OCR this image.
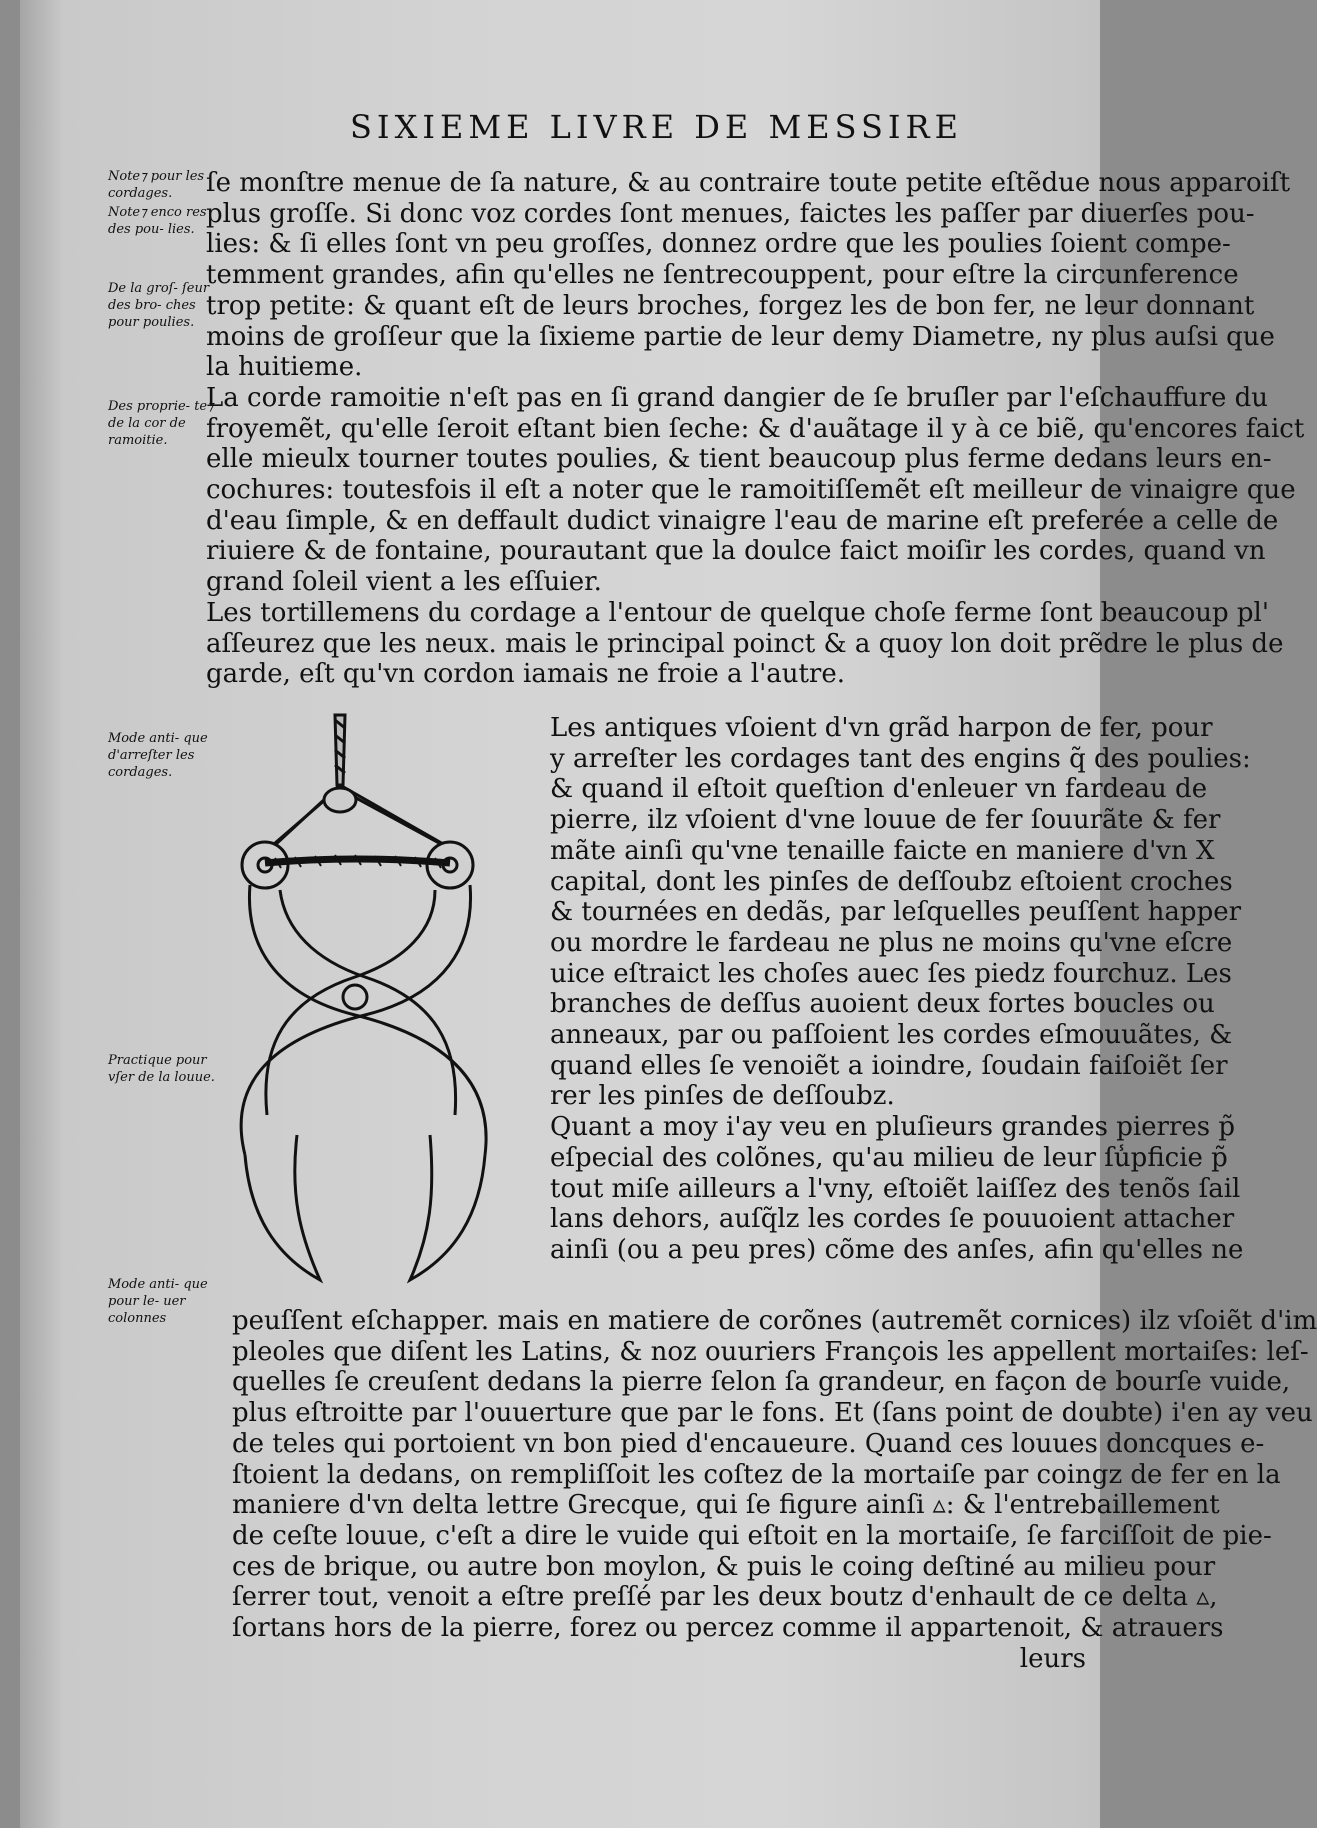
SIXIEME LIVRE DE MESSIRE
Note⁊ pour les cordages.
Note⁊ enco res des pou- lies.
De la groſ- ſeur des bro- ches pour poulies.
Des proprie- te⁊ de la cor de ramoitie.
Mode anti- que d'arreſter les cordages.
Practique pour vſer de la louue.
Mode anti- que pour le- uer colonnes
ſe monſtre menue de ſa nature, & au contraire toute petite eſtẽdue nous apparoiſt
plus groſſe. Si donc voz cordes ſont menues, faictes les paſſer par diuerſes pou-
lies: & ſi elles ſont vn peu groſſes, donnez ordre que les poulies ſoient compe-
temment grandes, afin qu'elles ne ſentrecouppent, pour eſtre la circunference
trop petite: & quant eſt de leurs broches, forgez les de bon fer, ne leur donnant
moins de groſſeur que la ſixieme partie de leur demy Diametre, ny plus auſsi que
la huitieme.
La corde ramoitie n'eſt pas en ſi grand dangier de ſe bruſler par l'eſchauffure du
froyemẽt, qu'elle ſeroit eſtant bien ſeche: & d'auãtage il y à ce biẽ, qu'encores faict
elle mieulx tourner toutes poulies, & tient beaucoup plus ferme dedans leurs en-
cochures: toutesfois il eſt a noter que le ramoitiſſemẽt eſt meilleur de vinaigre que
d'eau ſimple, & en deffault dudict vinaigre l'eau de marine eſt preferée a celle de
riuiere & de fontaine, pourautant que la doulce faict moiſir les cordes, quand vn
grand ſoleil vient a les eſſuier.
Les tortillemens du cordage a l'entour de quelque choſe ferme ſont beaucoup pl'
aſſeurez que les neux. mais le principal poinct & a quoy lon doit prẽdre le plus de
garde, eſt qu'vn cordon iamais ne froie a l'autre.
Les antiques vſoient d'vn grãd harpon de fer, pour
y arreſter les cordages tant des engins q̃ des poulies:
& quand il eſtoit queſtion d'enleuer vn fardeau de
pierre, ilz vſoient d'vne louue de fer ſouurãte & fer
mãte ainſi qu'vne tenaille faicte en maniere d'vn X
capital, dont les pinſes de deſſoubz eſtoient croches
& tournées en dedãs, par leſquelles peuſſent happer
ou mordre le fardeau ne plus ne moins qu'vne eſcre
uice eſtraict les choſes auec ſes piedz fourchuz. Les
branches de deſſus auoient deux fortes boucles ou
anneaux, par ou paſſoient les cordes eſmouuãtes, &
quand elles ſe venoiẽt a ioindre, ſoudain faiſoiẽt ſer
rer les pinſes de deſſoubz.
Quant a moy i'ay veu en pluſieurs grandes pierres p̃
eſpecial des colõnes, qu'au milieu de leur ſu̾pficie p̃
tout miſe ailleurs a l'vny, eſtoiẽt laiſſez des tenõs ſail
lans dehors, auſq̃lz les cordes ſe pouuoient attacher
ainſi (ou a peu pres) cõme des anſes, afin qu'elles ne
peuſſent eſchapper. mais en matiere de corõnes (autremẽt cornices) ilz vſoiẽt d'im
pleoles que diſent les Latins, & noz ouuriers François les appellent mortaiſes: leſ-
quelles ſe creuſent dedans la pierre ſelon ſa grandeur, en façon de bourſe vuide,
plus eſtroitte par l'ouuerture que par le fons. Et (ſans point de doubte) i'en ay veu
de teles qui portoient vn bon pied d'encaueure. Quand ces louues doncques e-
ſtoient la dedans, on rempliſſoit les coſtez de la mortaiſe par coingz de fer en la
maniere d'vn delta lettre Grecque, qui ſe figure ainſi ▵: & l'entrebaillement
de ceſte louue, c'eſt a dire le vuide qui eſtoit en la mortaiſe, ſe farciſſoit de pie-
ces de brique, ou autre bon moylon, & puis le coing deſtiné au milieu pour
ſerrer tout, venoit a eſtre preſſé par les deux boutz d'enhault de ce delta ▵,
ſortans hors de la pierre, forez ou percez comme il appartenoit, & atrauers
leurs
